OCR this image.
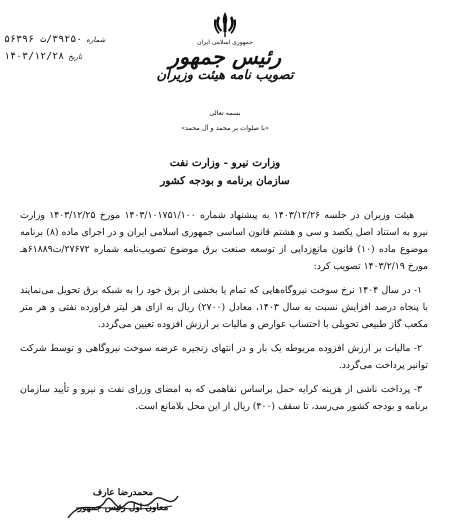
جمهوری اسلامی ایران
رئیس جمهور
تصویب نامه هیئت وزیران
شماره
۳۹۲۵۰/ت ۵۶۳۹۶
تاریخ
۱۴۰۳/۱۲/۲۸
بسمه تعالی
«با صلوات بر محمد و آل محمد»
وزارت نیرو - وزارت نفت
سازمان برنامه و بودجه کشور

هیئت وزیران در جلسه ۱۴۰۳/۱۲/۲۶ به پیشنهاد شماره ۱۴۰۳/۱۰۱۷۵۱/۱۰۰ مورخ ۱۴۰۳/۱۲/۲۵ وزارت نیرو به استناد اصل یکصد و سی و هشتم قانون اساسی جمهوری اسلامی ایران و در اجرای ماده (۸) برنامه موضوع ماده (۱۰) قانون مانع‌زدایی از توسعه صنعت برق موضوع تصویب‌نامه شماره ۲۷۶۷۲/ت۶۱۸۸۹هـ مورخ ۱۴۰۳/۲/۱۹ تصویب کرد:

۱- در سال ۱۴۰۴ نرخ سوخت نیروگاه‌هایی که تمام یا بخشی از برق خود را به شبکه برق تحویل می‌نمایند با پنجاه درصد افزایش نسبت به سال ۱۴۰۳، معادل (۲۷۰۰) ریال به ازای هر لیتر فراورده نفتی و هر متر مکعب گاز طبیعی تحویلی با احتساب عوارض و مالیات بر ارزش افزوده تعیین می‌گردد.

۲- مالیات بر ارزش افزوده مربوطه یک بار و در انتهای زنجیره عرضه سوخت نیروگاهی و توسط شرکت توانیر پرداخت می‌گردد.

۳- پرداخت ناشی از هزینه کرایه حمل براساس نفاهمی که به امضای وزرای نفت و نیرو و تأیید سازمان برنامه و بودجه کشور می‌رسد، تا سقف (۴۰۰) ریال از این محل بلامانع است.

محمدرضا عارف
معاون اول رئیس جمهور
